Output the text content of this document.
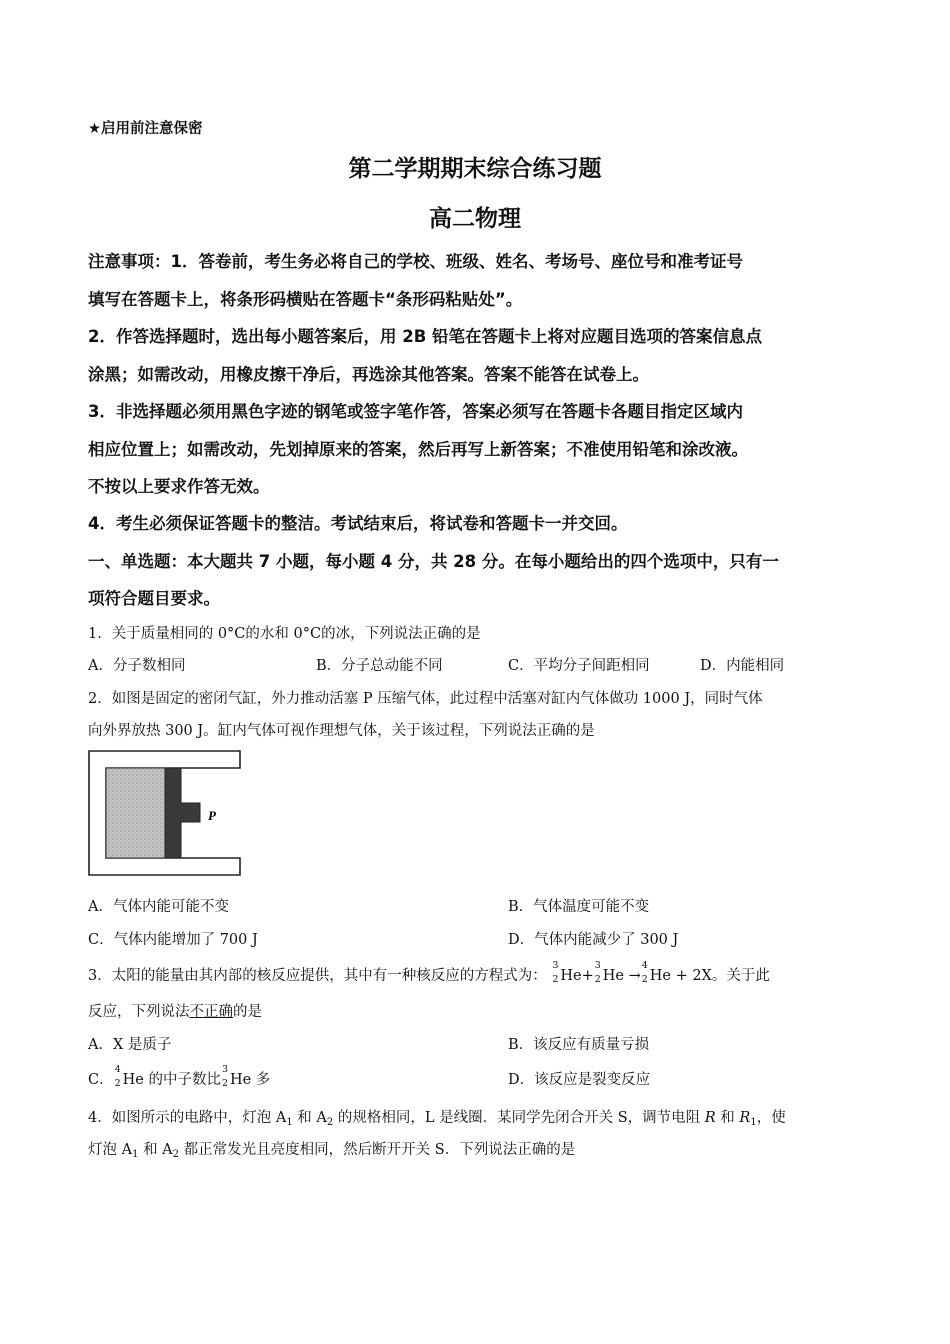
★启用前注意保密
第二学期期末综合练习题
高二物理
注意事项：1．答卷前，考生务必将自己的学校、班级、姓名、考场号、座位号和准考证号
填写在答题卡上，将条形码横贴在答题卡“条形码粘贴处”。
2．作答选择题时，选出每小题答案后，用 2B 铅笔在答题卡上将对应题目选项的答案信息点
涂黑；如需改动，用橡皮擦干净后，再选涂其他答案。答案不能答在试卷上。
3．非选择题必须用黑色字迹的钢笔或签字笔作答，答案必须写在答题卡各题目指定区域内
相应位置上；如需改动，先划掉原来的答案，然后再写上新答案；不准使用铅笔和涂改液。
不按以上要求作答无效。
4．考生必须保证答题卡的整洁。考试结束后，将试卷和答题卡一并交回。
一、单选题：本大题共 7 小题，每小题 4 分，共 28 分。在每小题给出的四个选项中，只有一
项符合题目要求。
1．关于质量相同的 0°C的水和 0°C的冰，下列说法正确的是
A．分子数相同	B．分子总动能不同	C．平均分子间距相同	D．内能相同
2．如图是固定的密闭气缸，外力推动活塞 P 压缩气体，此过程中活塞对缸内气体做功 1000 J，同时气体
向外界放热 300 J。缸内气体可视作理想气体，关于该过程，下列说法正确的是
P
A．气体内能可能不变	B．气体温度可能不变
C．气体内能增加了 700 J	D．气体内能减少了 300 J
3．太阳的能量由其内部的核反应提供，其中有一种核反应的方程式为：
3
2 He+
3
2 He →
4
2 He + 2X。关于此
反应，下列说法不正确的是
A．X 是质子	B．该反应有质量亏损
C．
4
2 He 的中子数比
3
2 He 多	D．该反应是裂变反应
4．如图所示的电路中，灯泡 $A_1$ 和 $A_2$ 的规格相同，L 是线圈．某同学先闭合开关 S，调节电阻 R 和 $R_1$，使
灯泡 $A_1$ 和 $A_2$ 都正常发光且亮度相同，然后断开开关 S．下列说法正确的是
